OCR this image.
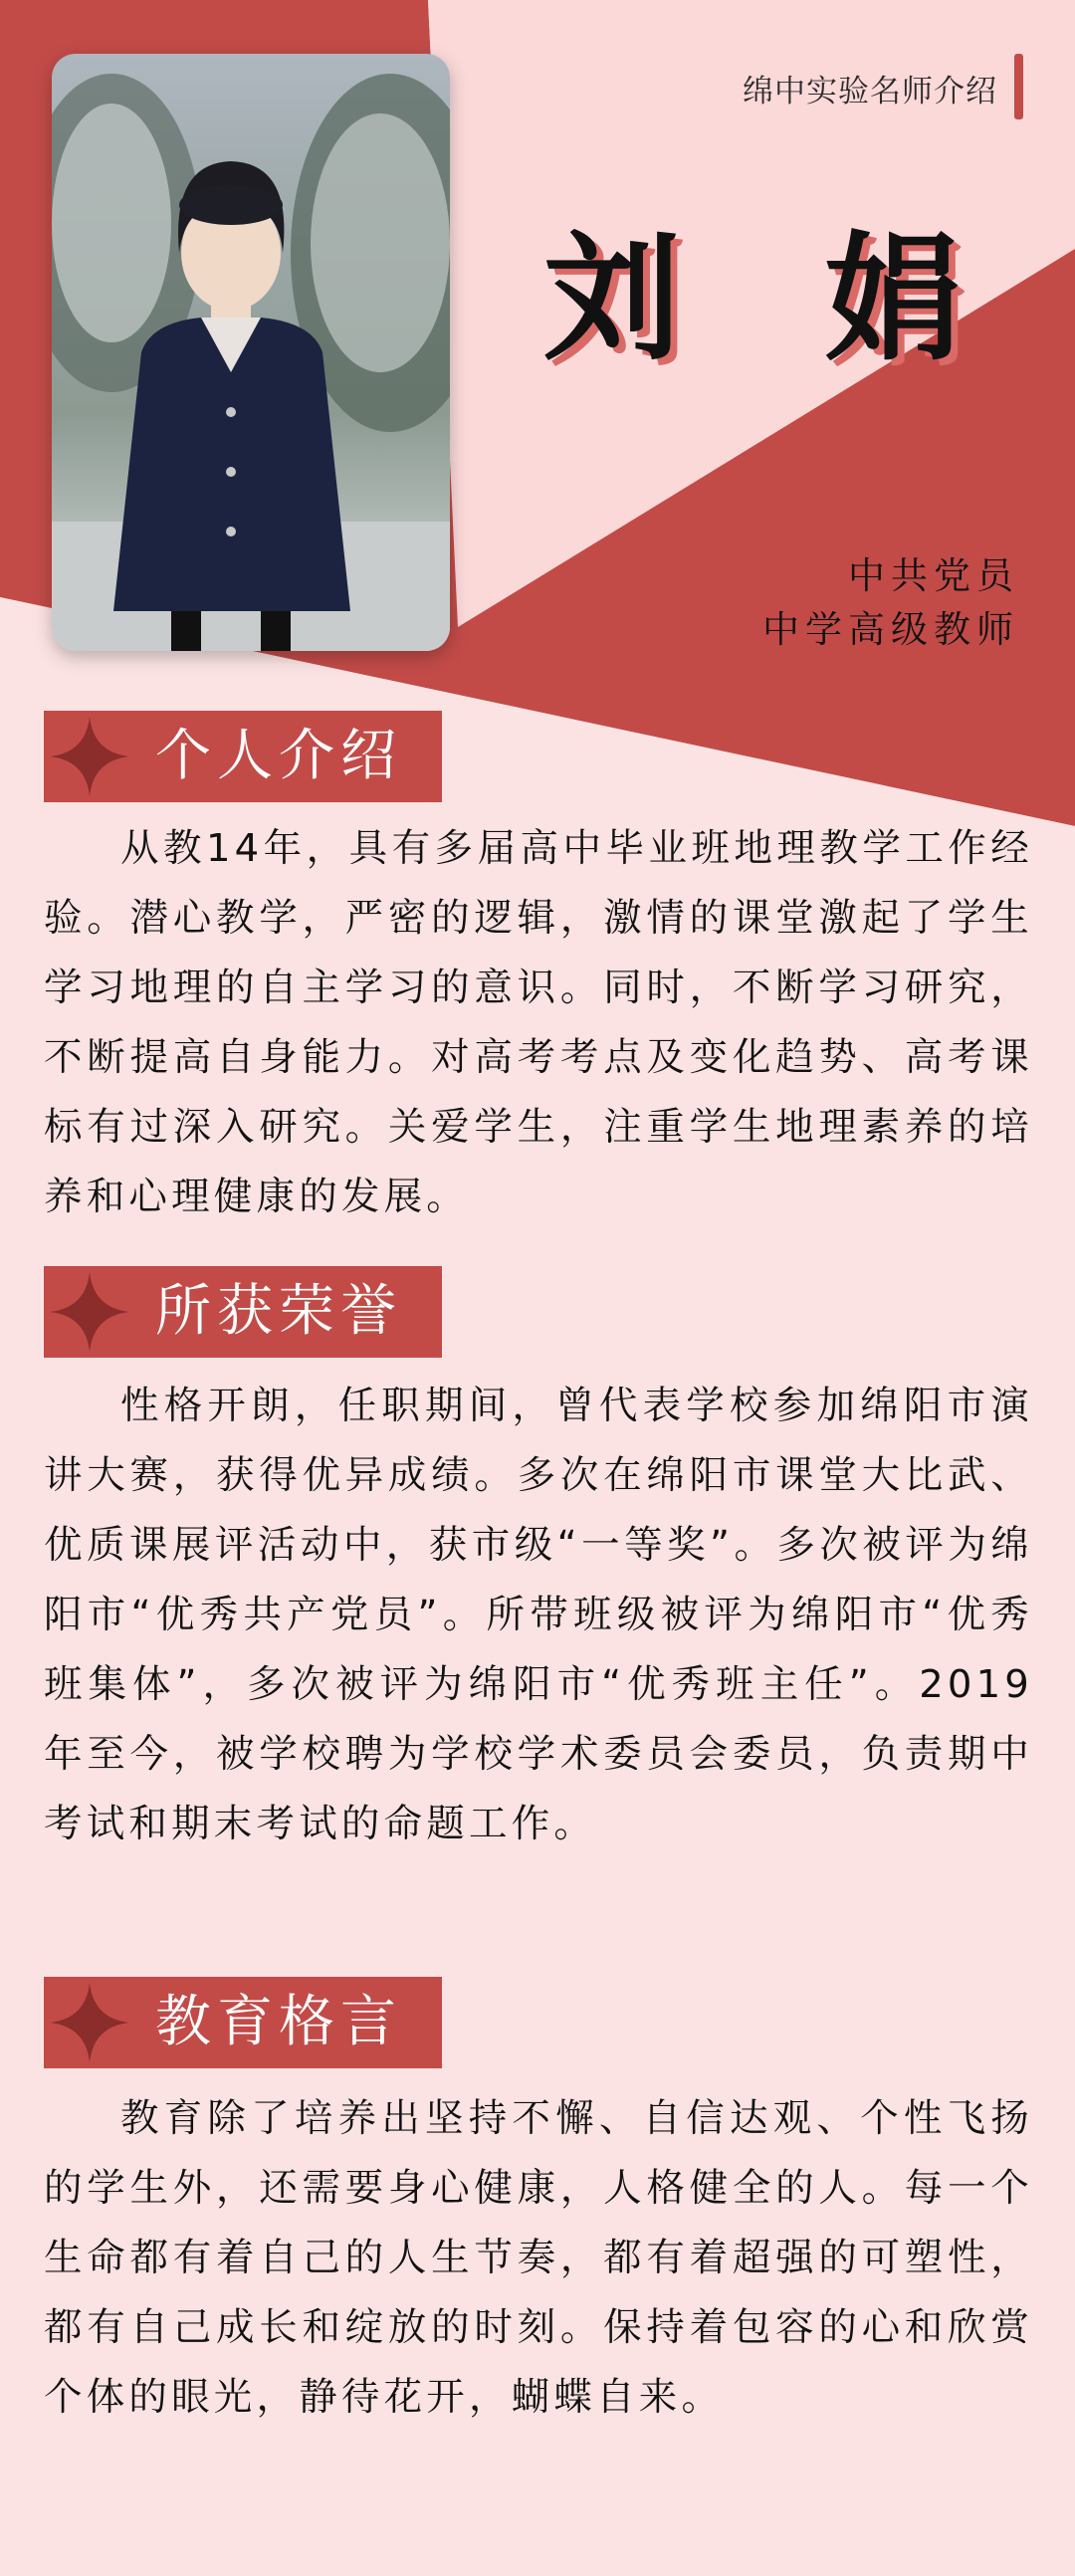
绵中实验名师介绍
刘 娟
中共党员
中学高级教师
个人介绍
从教14年，具有多届高中毕业班地理教学工作经验。潜心教学，严密的逻辑，激情的课堂激起了学生学习地理的自主学习的意识。同时，不断学习研究，不断提高自身能力。对高考考点及变化趋势、高考课标有过深入研究。关爱学生，注重学生地理素养的培养和心理健康的发展。
所获荣誉
性格开朗，任职期间，曾代表学校参加绵阳市演讲大赛，获得优异成绩。多次在绵阳市课堂大比武、优质课展评活动中，获市级“一等奖”。多次被评为绵阳市“优秀共产党员”。所带班级被评为绵阳市“优秀班集体”，多次被评为绵阳市“优秀班主任”。2019年至今，被学校聘为学校学术委员会委员，负责期中考试和期末考试的命题工作。
教育格言
教育除了培养出坚持不懈、自信达观、个性飞扬的学生外，还需要身心健康，人格健全的人。每一个生命都有着自己的人生节奏，都有着超强的可塑性，都有自己成长和绽放的时刻。保持着包容的心和欣赏个体的眼光，静待花开，蝴蝶自来。
